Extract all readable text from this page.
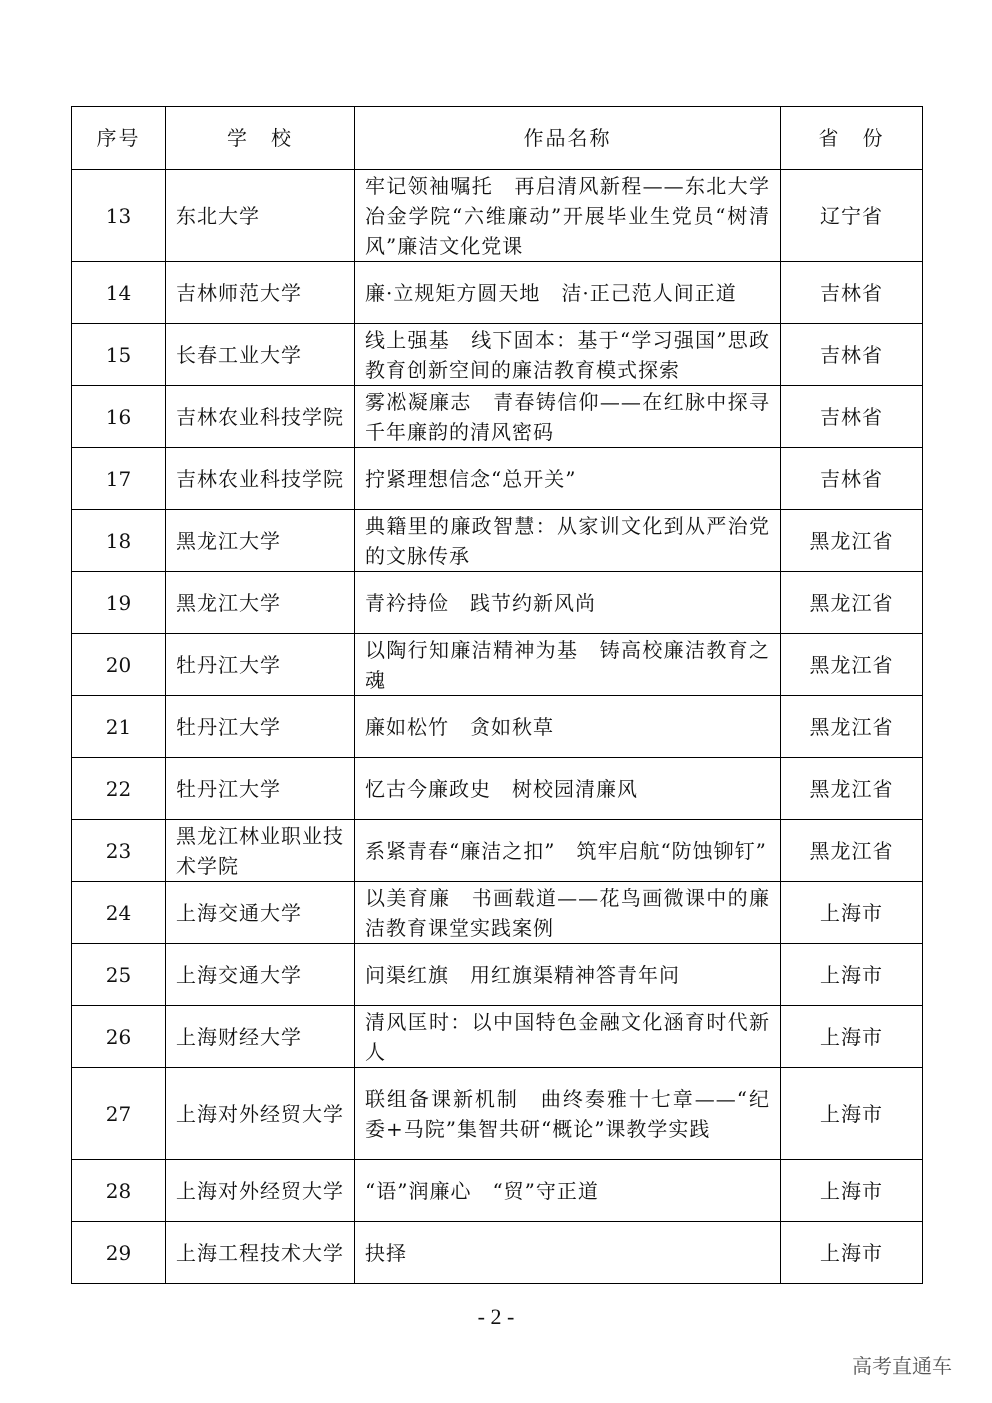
序号	学　校	作品名称	省　份
13	东北大学	牢记领袖嘱托　再启清风新程——东北大学冶金学院“六维廉动”开展毕业生党员“树清风”廉洁文化党课	辽宁省
14	吉林师范大学	廉·立规矩方圆天地　洁·正己范人间正道	吉林省
15	长春工业大学	线上强基　线下固本：基于“学习强国”思政教育创新空间的廉洁教育模式探索	吉林省
16	吉林农业科技学院	雾凇凝廉志　青春铸信仰——在红脉中探寻千年廉韵的清风密码	吉林省
17	吉林农业科技学院	拧紧理想信念“总开关”	吉林省
18	黑龙江大学	典籍里的廉政智慧：从家训文化到从严治党的文脉传承	黑龙江省
19	黑龙江大学	青衿持俭　践节约新风尚	黑龙江省
20	牡丹江大学	以陶行知廉洁精神为基　铸高校廉洁教育之魂	黑龙江省
21	牡丹江大学	廉如松竹　贪如秋草	黑龙江省
22	牡丹江大学	忆古今廉政史　树校园清廉风	黑龙江省
23	黑龙江林业职业技术学院	系紧青春“廉洁之扣”　筑牢启航“防蚀铆钉”	黑龙江省
24	上海交通大学	以美育廉　书画载道——花鸟画微课中的廉洁教育课堂实践案例	上海市
25	上海交通大学	问渠红旗　用红旗渠精神答青年问	上海市
26	上海财经大学	清风匡时：以中国特色金融文化涵育时代新人	上海市
27	上海对外经贸大学	联组备课新机制　曲终奏雅十七章——“纪委+马院”集智共研“概论”课教学实践	上海市
28	上海对外经贸大学	“语”润廉心　“贸”守正道	上海市
29	上海工程技术大学	抉择	上海市
- 2 -
高考直通车
